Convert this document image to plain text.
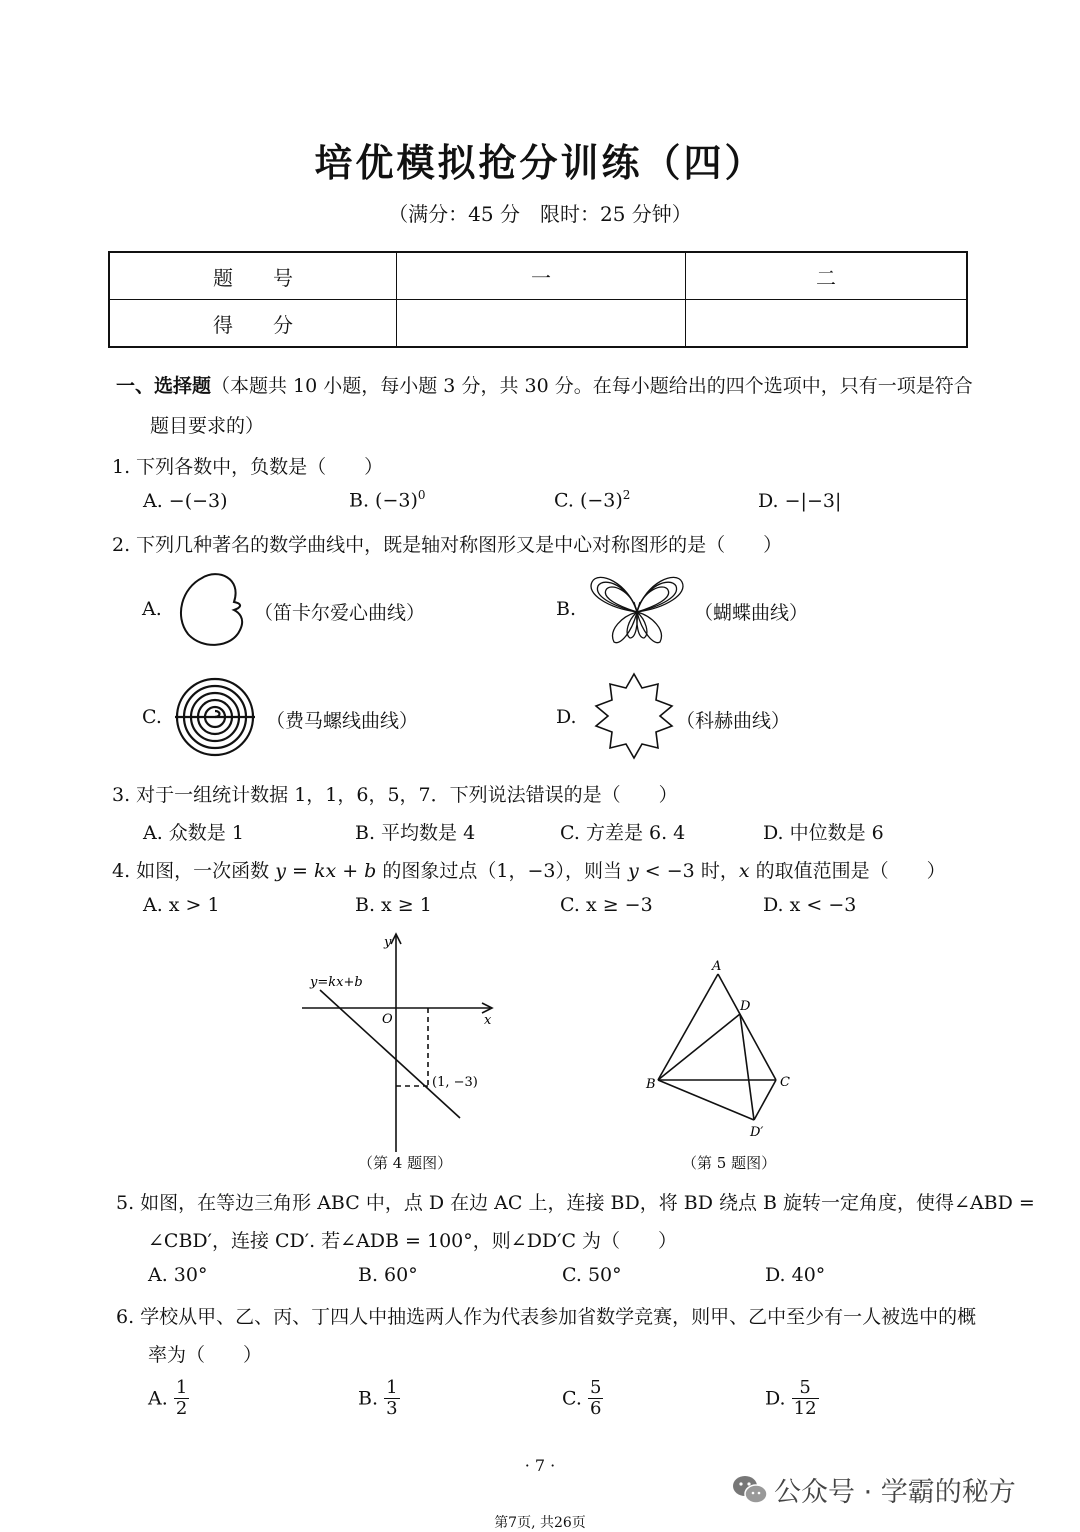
培优模拟抢分训练（四）
（满分：45 分　限时：25 分钟）
题　　号	一	二
得　　分		
一、选择题（本题共 10 小题，每小题 3 分，共 30 分。在每小题给出的四个选项中，只有一项是符合
题目要求的）
1. 下列各数中，负数是（　　）
A. −(−3)	B. $(-3)^0$	C. $(-3)^2$	D. −|−3|
2. 下列几种著名的数学曲线中，既是轴对称图形又是中心对称图形的是（　　）
A.	（笛卡尔爱心曲线）	B.	（蝴蝶曲线）
C.	（费马螺线曲线）	D.	（科赫曲线）
3. 对于一组统计数据 1，1，6，5，7．下列说法错误的是（　　）
A. 众数是 1	B. 平均数是 4	C. 方差是 6. 4	D. 中位数是 6
4. 如图，一次函数 y = kx + b 的图象过点（1，−3），则当 y < −3 时，x 的取值范围是（　　）
A. x > 1	B. x ≥ 1	C. x ≥ −3	D. x < −3
y
x
O
y=kx+b
(1, −3)
（第 4 题图）
A
D
B	C
D′
（第 5 题图）
5. 如图，在等边三角形 ABC 中，点 D 在边 AC 上，连接 BD，将 BD 绕点 B 旋转一定角度，使得∠ABD =
∠CBD′，连接 CD′. 若∠ADB = 100°，则∠DD′C 为（　　）
A. 30°	B. 60°	C. 50°	D. 40°
6. 学校从甲、乙、丙、丁四人中抽选两人作为代表参加省数学竞赛，则甲、乙中至少有一人被选中的概
率为（　　）
A. $\frac{1}{2}$	B. $\frac{1}{3}$	C. $\frac{5}{6}$	D. $\frac{5}{12}$
· 7 ·
公众号 · 学霸的秘方
第7页, 共26页
